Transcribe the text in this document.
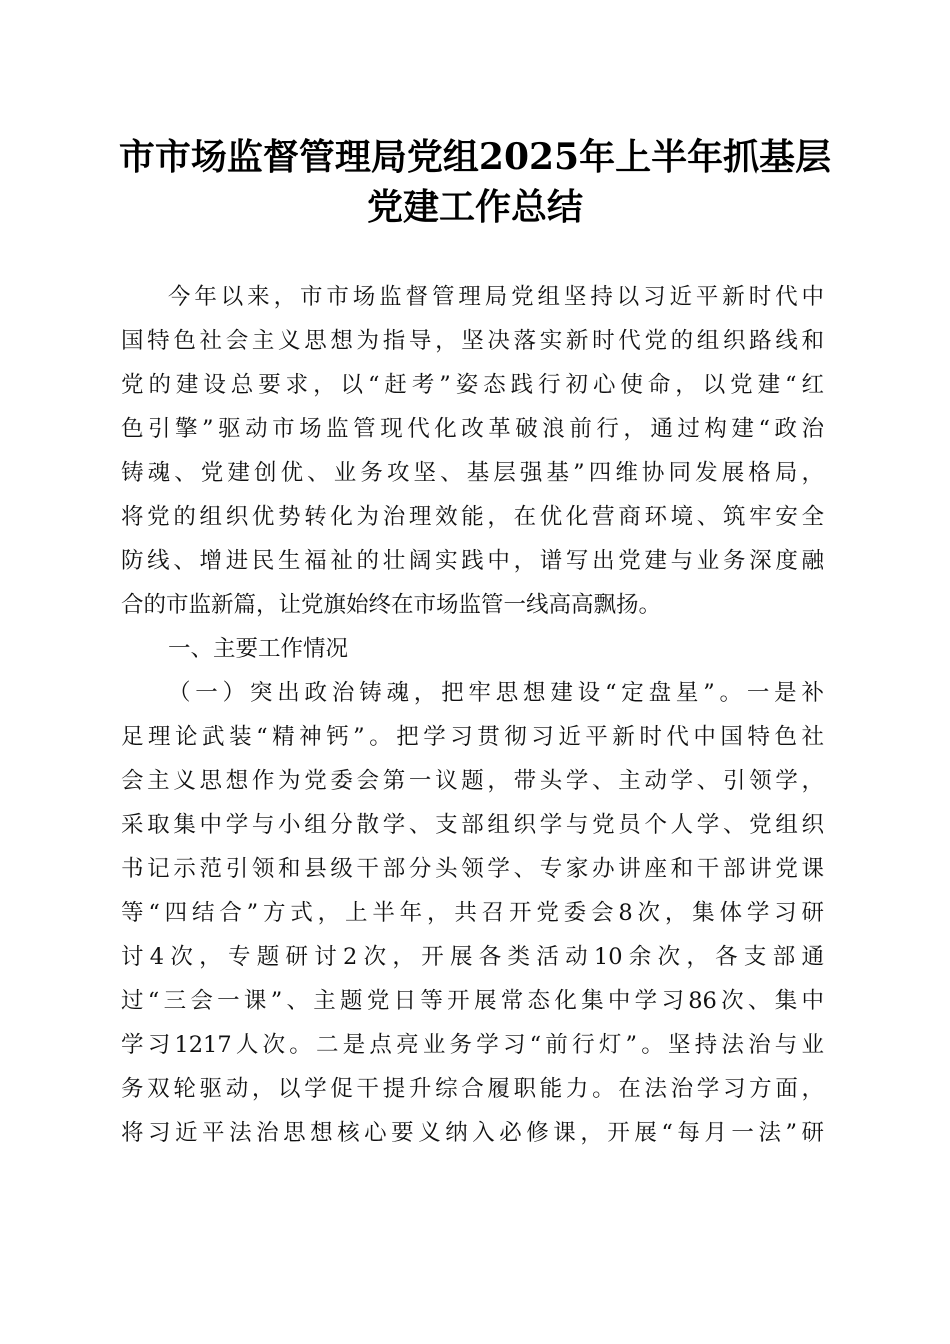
市市场监督管理局党组2025年上半年抓基层
党建工作总结
今年以来，市市场监督管理局党组坚持以习近平新时代中
国特色社会主义思想为指导，坚决落实新时代党的组织路线和
党的建设总要求，以“赶考”姿态践行初心使命，以党建“红
色引擎”驱动市场监管现代化改革破浪前行，通过构建“政治
铸魂、党建创优、业务攻坚、基层强基”四维协同发展格局，
将党的组织优势转化为治理效能，在优化营商环境、筑牢安全
防线、增进民生福祉的壮阔实践中，谱写出党建与业务深度融
合的市监新篇，让党旗始终在市场监管一线高高飘扬。
一、主要工作情况
（一）突出政治铸魂，把牢思想建设“定盘星”。一是补
足理论武装“精神钙”。把学习贯彻习近平新时代中国特色社
会主义思想作为党委会第一议题，带头学、主动学、引领学，
采取集中学与小组分散学、支部组织学与党员个人学、党组织
书记示范引领和县级干部分头领学、专家办讲座和干部讲党课
等“四结合”方式，上半年，共召开党委会8次，集体学习研
讨4次，专题研讨2次，开展各类活动10余次，各支部通
过“三会一课”、主题党日等开展常态化集中学习86次、集中
学习1217人次。二是点亮业务学习“前行灯”。坚持法治与业
务双轮驱动，以学促干提升综合履职能力。在法治学习方面，
将习近平法治思想核心要义纳入必修课，开展“每月一法”研
